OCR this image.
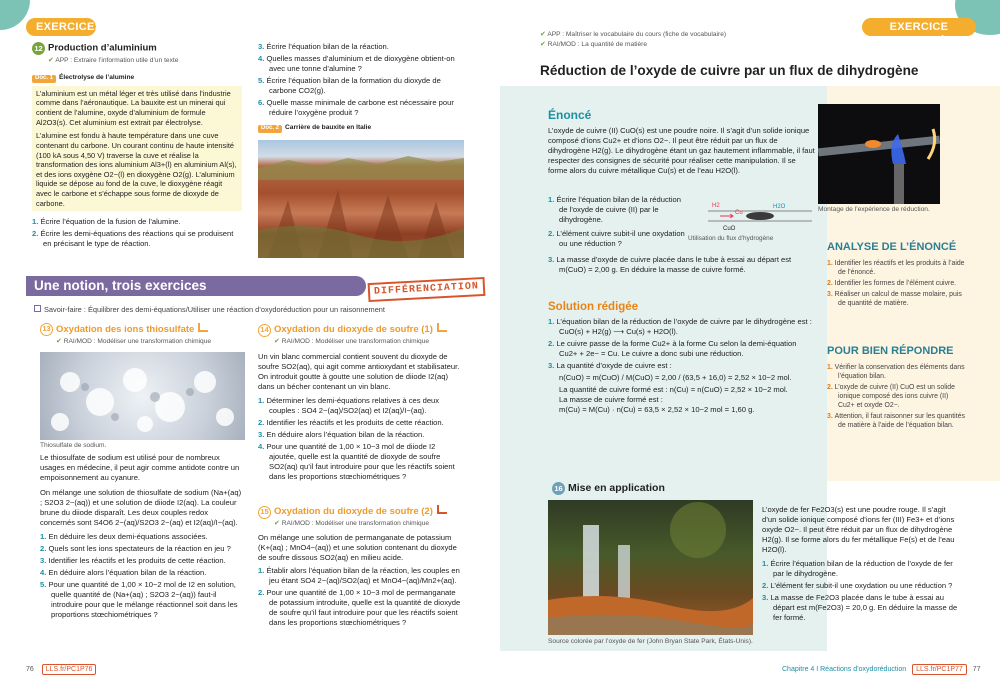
EXERCICES	EXERCICE CORRIGÉ
12 Production d’aluminium
✔ APP : Extraire l’information utile d’un texte
Doc. 1 Électrolyse de l’alumine

L’aluminium est un métal léger et très utilisé dans l’industrie comme dans l’aéronautique. La bauxite est un minerai qui contient de l’alumine, oxyde d’aluminium de formule Al2O3(s). Cet aluminium est extrait par électrolyse.

L’alumine est fondu à haute température dans une cuve contenant du carbone. Un courant continu de haute intensité (100 kA sous 4,50 V) traverse la cuve et réalise la transformation des ions aluminium Al3+(l) en aluminium Al(s), et des ions oxygène O2−(l) en dioxygène O2(g). L’aluminium liquide se dépose au fond de la cuve, le dioxygène réagit avec le carbone et s’échappe sous forme de dioxyde de carbone.

1. Écrire l’équation de la fusion de l’alumine.
2. Écrire les demi-équations des réactions qui se produisent en précisant le type de réaction.
3. Écrire l’équation bilan de la réaction.
4. Quelles masses d’aluminium et de dioxygène obtient-on avec une tonne d’alumine ?
5. Écrire l’équation bilan de la formation du dioxyde de carbone CO2(g).
6. Quelle masse minimale de carbone est nécessaire pour réduire l’oxygène produit ?
Doc. 2 Carrière de bauxite en Italie
Une notion, trois exercices	DIFFÉRENCIATION
Savoir-faire : Équilibrer des demi-équations/Utiliser une réaction d’oxydoréduction pour un raisonnement
13 Oxydation des ions thiosulfate
✔ RAI/MOD : Modéliser une transformation chimique
Thiosulfate de sodium.

Le thiosulfate de sodium est utilisé pour de nombreux usages en médecine, il peut agir comme antidote contre un empoisonnement au cyanure.

On mélange une solution de thiosulfate de sodium (Na+(aq) ; S2O3 2−(aq)) et une solution de diiode I2(aq). La couleur brune du diiode disparaît. Les deux couples redox concernés sont S4O6 2−(aq)/S2O3 2−(aq) et I2(aq)/I−(aq).

1. En déduire les deux demi-équations associées.
2. Quels sont les ions spectateurs de la réaction en jeu ?
3. Identifier les réactifs et les produits de cette réaction.
4. En déduire alors l’équation bilan de la réaction.
5. Pour une quantité de 1,00 × 10−2 mol de I2 en solution, quelle quantité de (Na+(aq) ; S2O3 2−(aq)) faut-il introduire pour que le mélange réactionnel soit dans les proportions stœchiométriques ?
14 Oxydation du dioxyde de soufre (1)
✔ RAI/MOD : Modéliser une transformation chimique

Un vin blanc commercial contient souvent du dioxyde de soufre SO2(aq), qui agit comme antioxydant et stabilisateur. On introduit goutte à goutte une solution de diiode I2(aq) dans un bécher contenant un vin blanc.

1. Déterminer les demi-équations relatives à ces deux couples : SO4 2−(aq)/SO2(aq) et I2(aq)/I−(aq).
2. Identifier les réactifs et les produits de cette réaction.
3. En déduire alors l’équation bilan de la réaction.
4. Pour une quantité de 1,00 × 10−3 mol de diiode I2 ajoutée, quelle est la quantité de dioxyde de soufre SO2(aq) qu’il faut introduire pour que les réactifs soient dans les proportions stœchiométriques ?
15 Oxydation du dioxyde de soufre (2)
✔ RAI/MOD : Modéliser une transformation chimique

On mélange une solution de permanganate de potassium (K+(aq) ; MnO4−(aq)) et une solution contenant du dioxyde de soufre dissous SO2(aq) en milieu acide.

1. Établir alors l’équation bilan de la réaction, les couples en jeu étant SO4 2−(aq)/SO2(aq) et MnO4−(aq)/Mn2+(aq).
2. Pour une quantité de 1,00 × 10−3 mol de permanganate de potassium introduite, quelle est la quantité de dioxyde de soufre qu’il faut introduire pour que les réactifs soient dans les proportions stœchiométriques ?
76 LLS.fr/PC1P76
✔ APP : Maîtriser le vocabulaire du cours (fiche de vocabulaire)
✔ RAI/MOD : La quantité de matière
Réduction de l’oxyde de cuivre par un flux de dihydrogène
Énoncé

L’oxyde de cuivre (II) CuO(s) est une poudre noire. Il s’agit d’un solide ionique composé d’ions Cu2+ et d’ions O2−. Il peut être réduit par un flux de dihydrogène H2(g). Le dihydrogène étant un gaz hautement inflammable, il faut respecter des consignes de sécurité pour réaliser cette manipulation. Il se forme alors du cuivre métallique Cu(s) et de l’eau H2O(l).

1. Écrire l’équation bilan de la réduction de l’oxyde de cuivre (II) par le dihydrogène.
2. L’élément cuivre subit-il une oxydation ou une réduction ?
H2
Cu
H2O
CuO
Utilisation du flux d’hydrogène
3. La masse d’oxyde de cuivre placée dans le tube à essai au départ est m(CuO) = 2,00 g. En déduire la masse de cuivre formé.
Montage de l’expérience de réduction.
ANALYSE DE L’ÉNONCÉ
1. Identifier les réactifs et les produits à l’aide de l’énoncé.
2. Identifier les formes de l’élément cuivre.
3. Réaliser un calcul de masse molaire, puis de quantité de matière.
POUR BIEN RÉPONDRE
1. Vérifier la conservation des éléments dans l’équation bilan.
2. L’oxyde de cuivre (II) CuO est un solide ionique composé des ions cuivre (II) Cu2+ et oxyde O2−.
3. Attention, il faut raisonner sur les quantités de matière à l’aide de l’équation bilan.
Solution rédigée
1. L’équation bilan de la réduction de l’oxyde de cuivre par le dihydrogène est : CuO(s) + H2(g) ⟶ Cu(s) + H2O(l).
2. Le cuivre passe de la forme Cu2+ à la forme Cu selon la demi-équation Cu2+ + 2e− = Cu. Le cuivre a donc subi une réduction.
3. La quantité d’oxyde de cuivre est :
n(CuO) = m(CuO) / M(CuO) = 2,00 / (63,5 + 16,0) = 2,52 × 10−2 mol.
La quantité de cuivre formé est : n(Cu) = n(CuO) = 2,52 × 10−2 mol.
La masse de cuivre formé est :
m(Cu) = M(Cu) · n(Cu) = 63,5 × 2,52 × 10−2 mol = 1,60 g.
16 Mise en application
Source colorée par l’oxyde de fer (John Bryan State Park, États-Unis).

L’oxyde de fer Fe2O3(s) est une poudre rouge. Il s’agit d’un solide ionique composé d’ions fer (III) Fe3+ et d’ions oxyde O2−. Il peut être réduit par un flux de dihydrogène H2(g). Il se forme alors du fer métallique Fe(s) et de l’eau H2O(l).

1. Écrire l’équation bilan de la réduction de l’oxyde de fer par le dihydrogène.
2. L’élément fer subit-il une oxydation ou une réduction ?
3. La masse de Fe2O3 placée dans le tube à essai au départ est m(Fe2O3) = 20,0 g. En déduire la masse de fer formé.
Chapitre 4 I Réactions d’oxydoréduction LLS.fr/PC1P77 77
